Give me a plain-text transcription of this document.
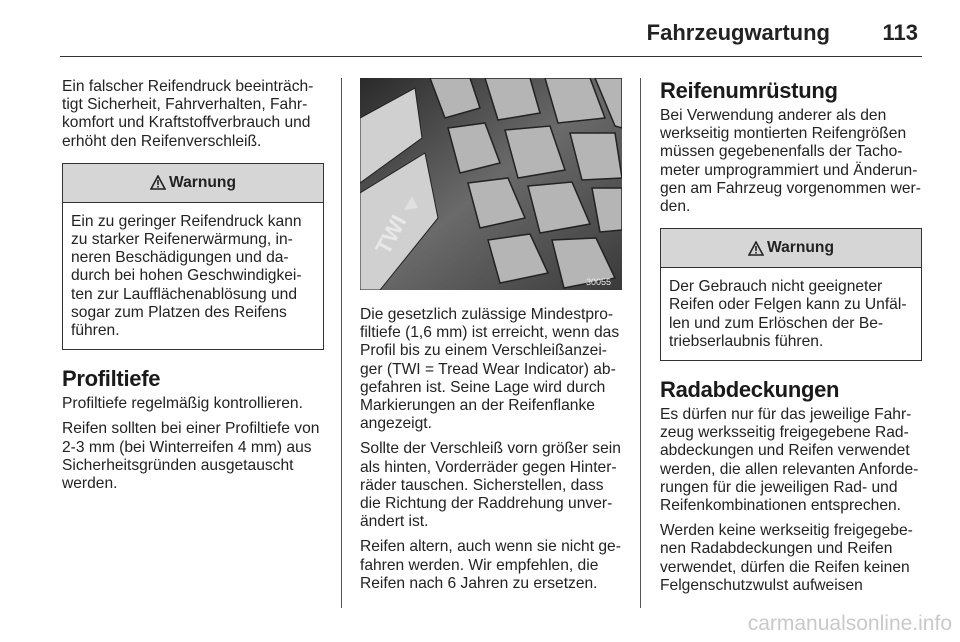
Fahrzeugwartung 113

Ein falscher Reifendruck beeinträch-tigt Sicherheit, Fahrverhalten, Fahr-komfort und Kraftstoffverbrauch und erhöht den Reifenverschleiß.

Warnung
Ein zu geringer Reifendruck kann zu starker Reifenerwärmung, in-neren Beschädigungen und da-durch bei hohen Geschwindigkei-ten zur Laufflächenablösung und sogar zum Platzen des Reifens führen.
Profiltiefe

Profiltiefe regelmäßig kontrollieren.

Reifen sollten bei einer Profiltiefe von 2-3 mm (bei Winterreifen 4 mm) aus Sicherheitsgründen ausgetauscht werden.

TWI
30055

Die gesetzlich zulässige Mindestpro-filtiefe (1,6 mm) ist erreicht, wenn das Profil bis zu einem Verschleißanzei-ger (TWI = Tread Wear Indicator) ab-gefahren ist. Seine Lage wird durch Markierungen an der Reifenflanke angezeigt.

Sollte der Verschleiß vorn größer sein als hinten, Vorderräder gegen Hinter-räder tauschen. Sicherstellen, dass die Richtung der Raddrehung unver-ändert ist.

Reifen altern, auch wenn sie nicht ge-fahren werden. Wir empfehlen, die Reifen nach 6 Jahren zu ersetzen.

Reifenumrüstung

Bei Verwendung anderer als den werkseitig montierten Reifengrößen müssen gegebenenfalls der Tacho-meter umprogrammiert und Änderun-gen am Fahrzeug vorgenommen wer-den.

Warnung
Der Gebrauch nicht geeigneter Reifen oder Felgen kann zu Unfäl-len und zum Erlöschen der Be-triebserlaubnis führen.
Radabdeckungen

Es dürfen nur für das jeweilige Fahr-zeug werksseitig freigegebene Rad-abdeckungen und Reifen verwendet werden, die allen relevanten Anforde-rungen für die jeweiligen Rad- und Reifenkombinationen entsprechen.

Werden keine werkseitig freigegebe-nen Radabdeckungen und Reifen verwendet, dürfen die Reifen keinen Felgenschutzwulst aufweisen

carmanualsonline.info
